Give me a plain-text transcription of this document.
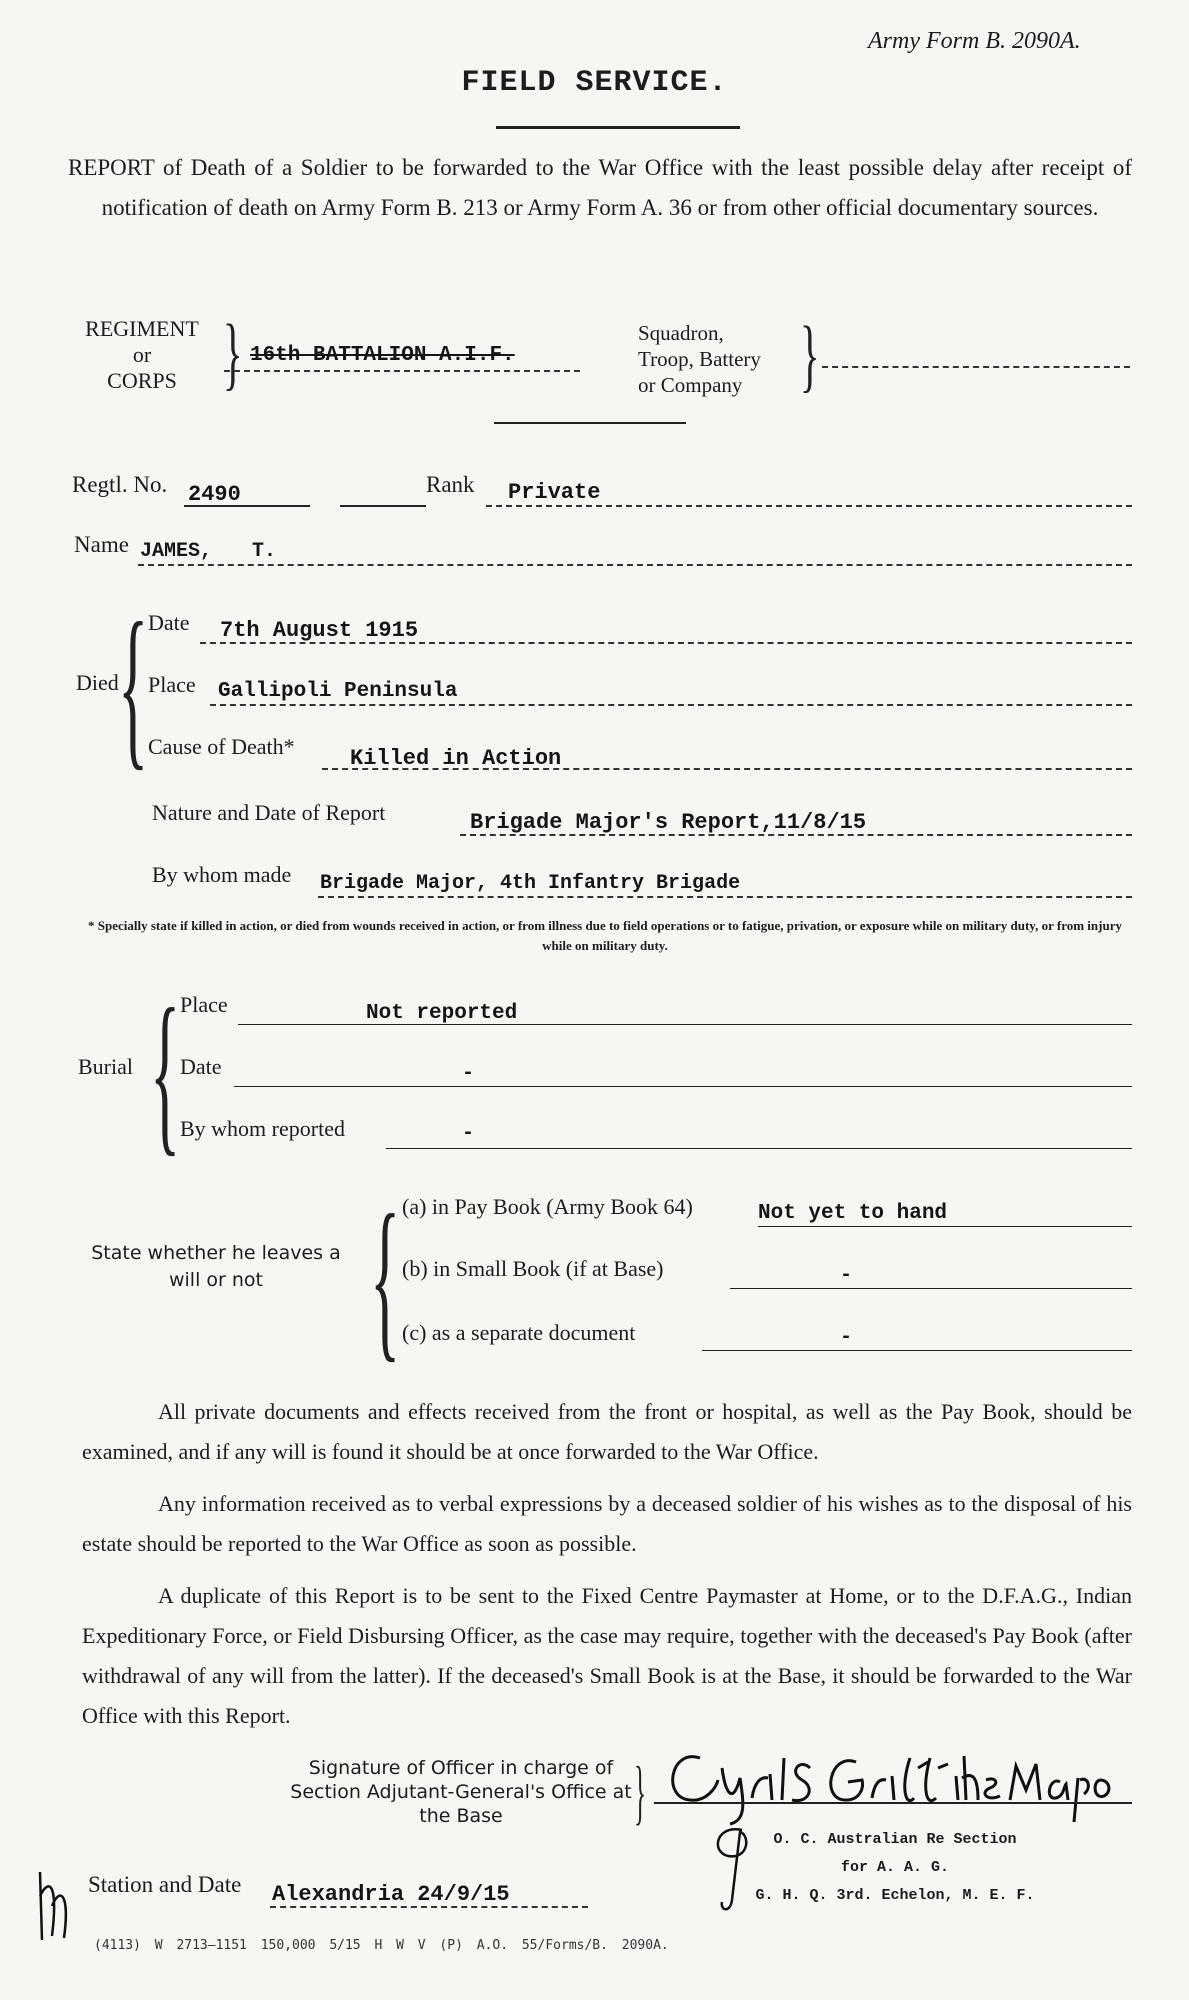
Army Form B. 2090A.
FIELD SERVICE.
REPORT of Death of a Soldier to be forwarded to the War Office with the least possible delay after receipt of notification of death on Army Form B. 213 or Army Form A. 36 or from other official documentary sources.
REGIMENT
or
CORPS } 16th BATTALION A.I.F.
Squadron,
Troop, Battery
or Company }
Regtl. No. 2490	Rank Private
Name JAMES, T.
Died { Date 7th August 1915
Place Gallipoli Peninsula
Cause of Death*	Killed in Action
Nature and Date of Report	Brigade Major's Report,11/8/15
By whom made Brigade Major, 4th Infantry Brigade
* Specially state if killed in action, or died from wounds received in action, or from illness due to field operations or to fatigue, privation, or exposure while on military duty, or from injury while on military duty.
Burial { Place	Not reported
Date	-
By whom reported	-
State whether he leaves a will or not { (a) in Pay Book (Army Book 64)	Not yet to hand
(b) in Small Book (if at Base)	-
(c) as a separate document	-
All private documents and effects received from the front or hospital, as well as the Pay Book, should be examined, and if any will is found it should be at once forwarded to the War Office.
Any information received as to verbal expressions by a deceased soldier of his wishes as to the disposal of his estate should be reported to the War Office as soon as possible.
A duplicate of this Report is to be sent to the Fixed Centre Paymaster at Home, or to the D.F.A.G., Indian Expeditionary Force, or Field Disbursing Officer, as the case may require, together with the deceased's Pay Book (after withdrawal of any will from the latter). If the deceased's Small Book is at the Base, it should be forwarded to the War Office with this Report.
Signature of Officer in charge of Section Adjutant-General's Office at the Base	}
O. C. Australian Re Section
for A. A. G.
G. H. Q. 3rd. Echelon, M. E. F.
Station and Date Alexandria 24/9/15
(4113) W 2713—1151 150,000 5/15 H W V (P) A.O. 55/Forms/B. 2090A.
